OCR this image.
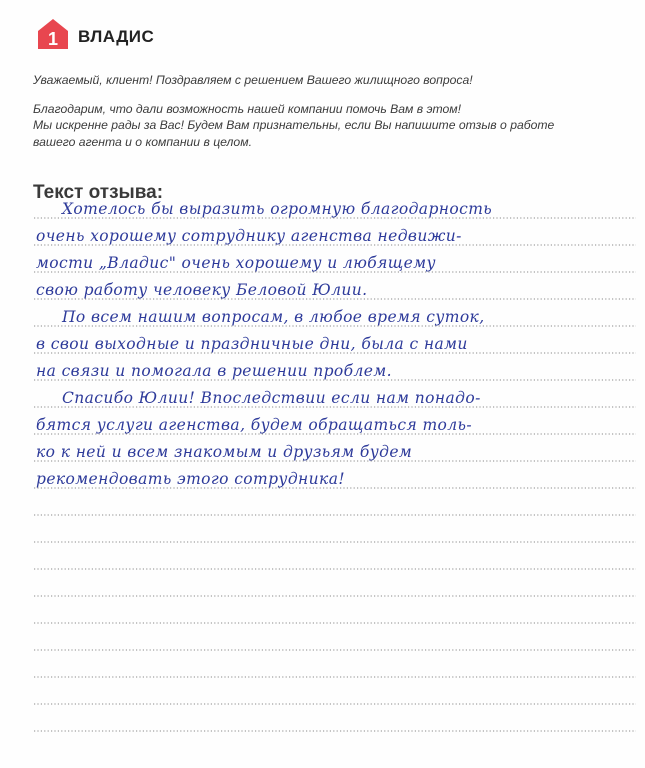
1 ВЛАДИС

Уважаемый, клиент! Поздравляем с решением Вашего жилищного вопроса!

Благодарим, что дали возможность нашей компании помочь Вам в этом!

Мы искренне рады за Вас! Будем Вам признательны, если Вы напишите отзыв о работе

вашего агента и о компании в целом.

Текст отзыва:
Хотелось бы выразить огромную благодарность
очень хорошему сотруднику агенства недвижи-
мости „Владис" очень хорошему и любящему
свою работу человеку Беловой Юлии.
По всем нашим вопросам, в любое время суток,
в свои выходные и праздничные дни, была с нами
на связи и помогала в решении проблем.
Спасибо Юлии! Впоследствии если нам понадо-
бятся услуги агенства, будем обращаться толь-
ко к ней и всем знакомым и друзьям будем
рекомендовать этого сотрудника!
